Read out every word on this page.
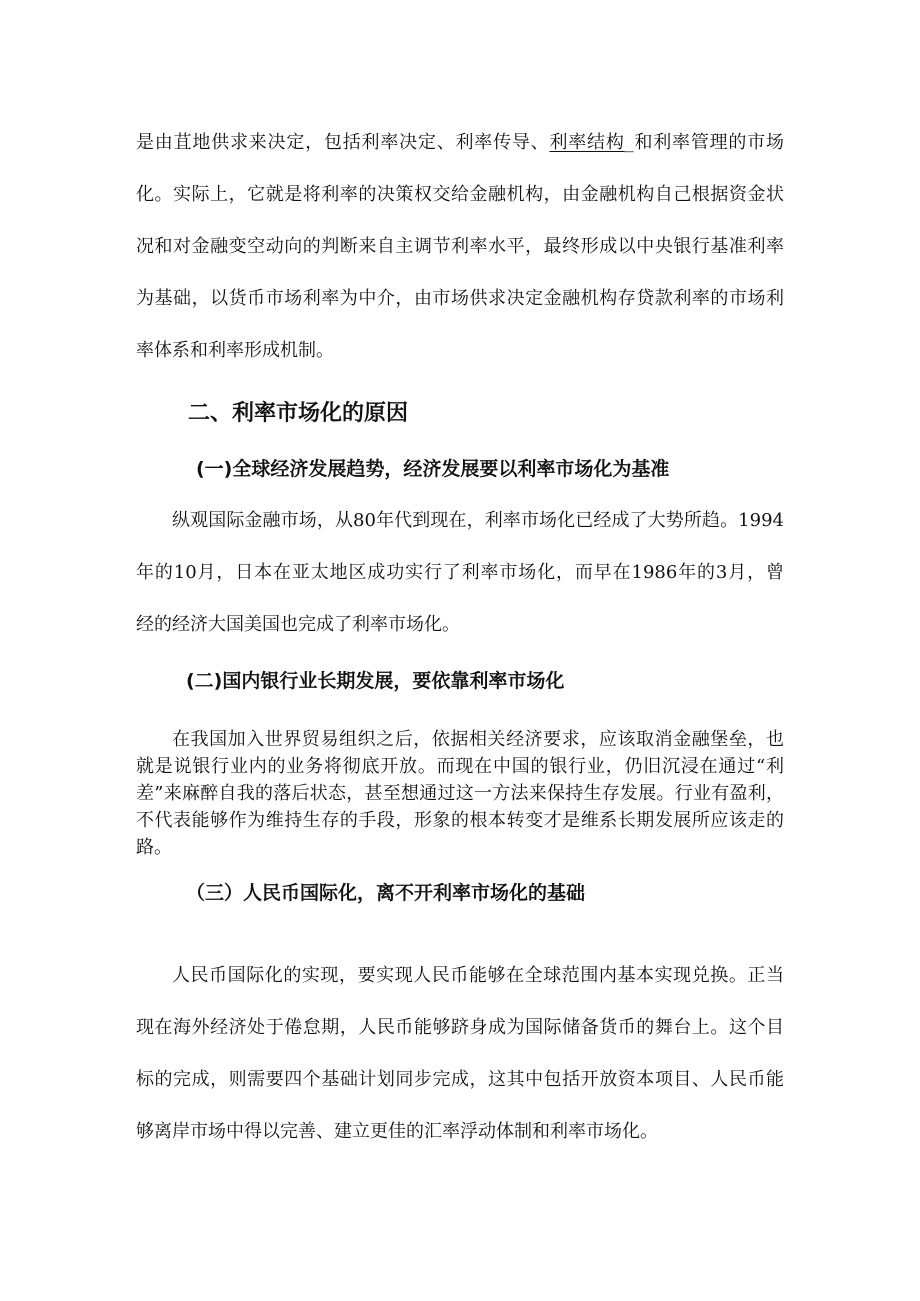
是由苴地供求来决定，包括利率决定、利率传导、利率结构_和利率管理的市场
化。实际上，它就是将利率的决策权交给金融机构，由金融机构自己根据资金状
况和对金融变空动向的判断来自主调节利率水平，最终形成以中央银行基准利率
为基础，以货币市场利率为中介，由市场供求决定金融机构存贷款利率的市场利
率体系和利率形成机制。
二、利率市场化的原因
(一)全球经济发展趋势，经济发展要以利率市场化为基准
纵观国际金融市场，从80年代到现在，利率市场化已经成了大势所趋。1994
年的10月，日本在亚太地区成功实行了利率市场化，而早在1986年的3月，曾
经的经济大国美国也完成了利率市场化。
(二)国内银行业长期发展，要依靠利率市场化
在我国加入世界贸易组织之后，依据相关经济要求，应该取消金融堡垒，也
就是说银行业内的业务将彻底开放。而现在中国的银行业，仍旧沉浸在通过“利
差”来麻醉自我的落后状态，甚至想通过这一方法来保持生存发展。行业有盈利，
不代表能够作为维持生存的手段，形象的根本转变才是维系长期发展所应该走的
路。
（三）人民币国际化，离不开利率市场化的基础
人民币国际化的实现，要实现人民币能够在全球范围内基本实现兑换。正当
现在海外经济处于倦怠期，人民币能够跻身成为国际储备货币的舞台上。这个目
标的完成，则需要四个基础计划同步完成，这其中包括开放资本项目、人民币能
够离岸市场中得以完善、建立更佳的汇率浮动体制和利率市场化。
